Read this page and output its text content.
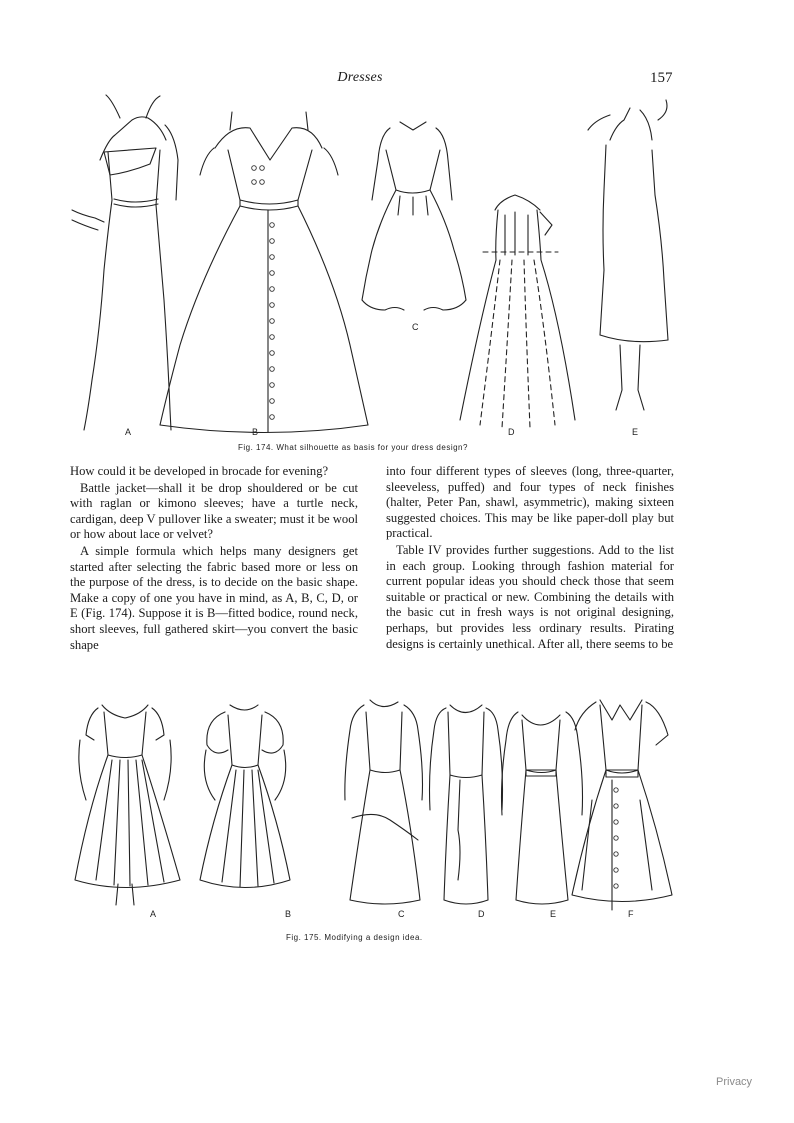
Dresses	157
A	B
C
D	E
Fig. 174. What silhouette as basis for your dress design?

How could it be developed in brocade for evening?

Battle jacket—shall it be drop shouldered or be cut with raglan or kimono sleeves; have a turtle neck, cardigan, deep V pullover like a sweater; must it be wool or how about lace or velvet?

A simple formula which helps many designers get started after selecting the fabric based more or less on the purpose of the dress, is to decide on the basic shape. Make a copy of one you have in mind, as A, B, C, D, or E (Fig. 174). Suppose it is B—fitted bodice, round neck, short sleeves, full gathered skirt—you convert the basic shape

into four different types of sleeves (long, three-quarter, sleeveless, puffed) and four types of neck finishes (halter, Peter Pan, shawl, asymmetric), making sixteen suggested choices. This may be like paper-doll play but practical.

Table IV provides further suggestions. Add to the list in each group. Looking through fashion material for current popular ideas you should check those that seem suitable or practical or new. Combining the details with the basic cut in fresh ways is not original designing, perhaps, but provides less ordinary results. Pirating designs is certainly unethical. After all, there seems to be

A	B	C	D	E	F
Fig. 175. Modifying a design idea.
Privacy
